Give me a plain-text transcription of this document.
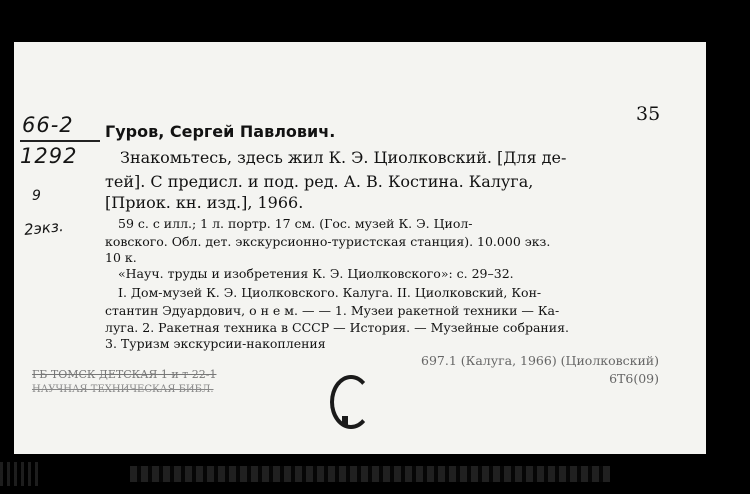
35
66-2
1292
9
2экз.
Гуров, Сергей Павлович.
Знакомьтесь, здесь жил К. Э. Циолковский. [Для де-
тей]. С предисл. и под. ред. А. В. Костина. Калуга,
[Приок. кн. изд.], 1966.
59 с. с илл.; 1 л. портр. 17 см. (Гос. музей К. Э. Циол-
ковского. Обл. дет. экскурсионно-туристская станция). 10.000 экз.
10 к.
«Науч. труды и изобретения К. Э. Циолковского»: с. 29–32.
I. Дом-музей К. Э. Циолковского. Калуга. II. Циолковский, Кон-
стантин Эдуардович, о н е м. — — 1. Музеи ракетной техники — Ка-
луга. 2. Ракетная техника в СССР — История. — Музейные собрания.
3. Туризм экскурсии-накопления
697.1 (Калуга, 1966) (Циолковский)
6Т6(09)
ГБ ТОМСК ДЕТСКАЯ 1 и т 22-1
НАУЧНАЯ ТЕХНИЧЕСКАЯ БИБЛ.
